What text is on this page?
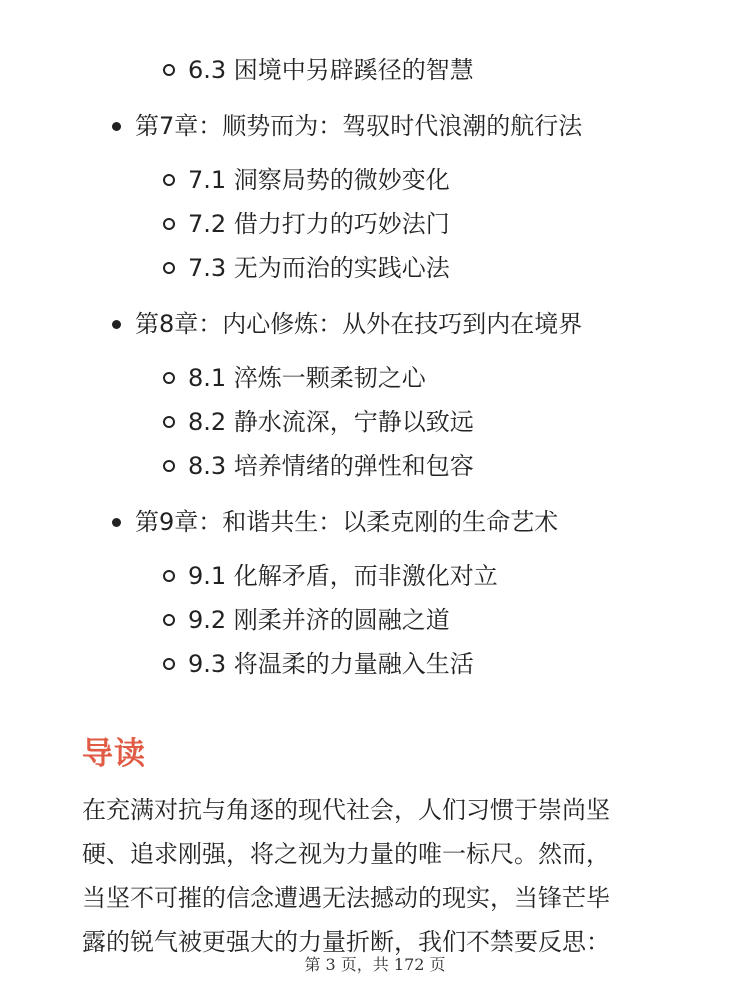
6.3 困境中另辟蹊径的智慧
第7章：顺势而为：驾驭时代浪潮的航行法
7.1 洞察局势的微妙变化
7.2 借力打力的巧妙法门
7.3 无为而治的实践心法
第8章：内心修炼：从外在技巧到内在境界
8.1 淬炼一颗柔韧之心
8.2 静水流深，宁静以致远
8.3 培养情绪的弹性和包容
第9章：和谐共生：以柔克刚的生命艺术
9.1 化解矛盾，而非激化对立
9.2 刚柔并济的圆融之道
9.3 将温柔的力量融入生活
导读
在充满对抗与角逐的现代社会，人们习惯于崇尚坚
硬、追求刚强，将之视为力量的唯一标尺。然而，
当坚不可摧的信念遭遇无法撼动的现实，当锋芒毕
露的锐气被更强大的力量折断，我们不禁要反思：
第 3 页，共 172 页
